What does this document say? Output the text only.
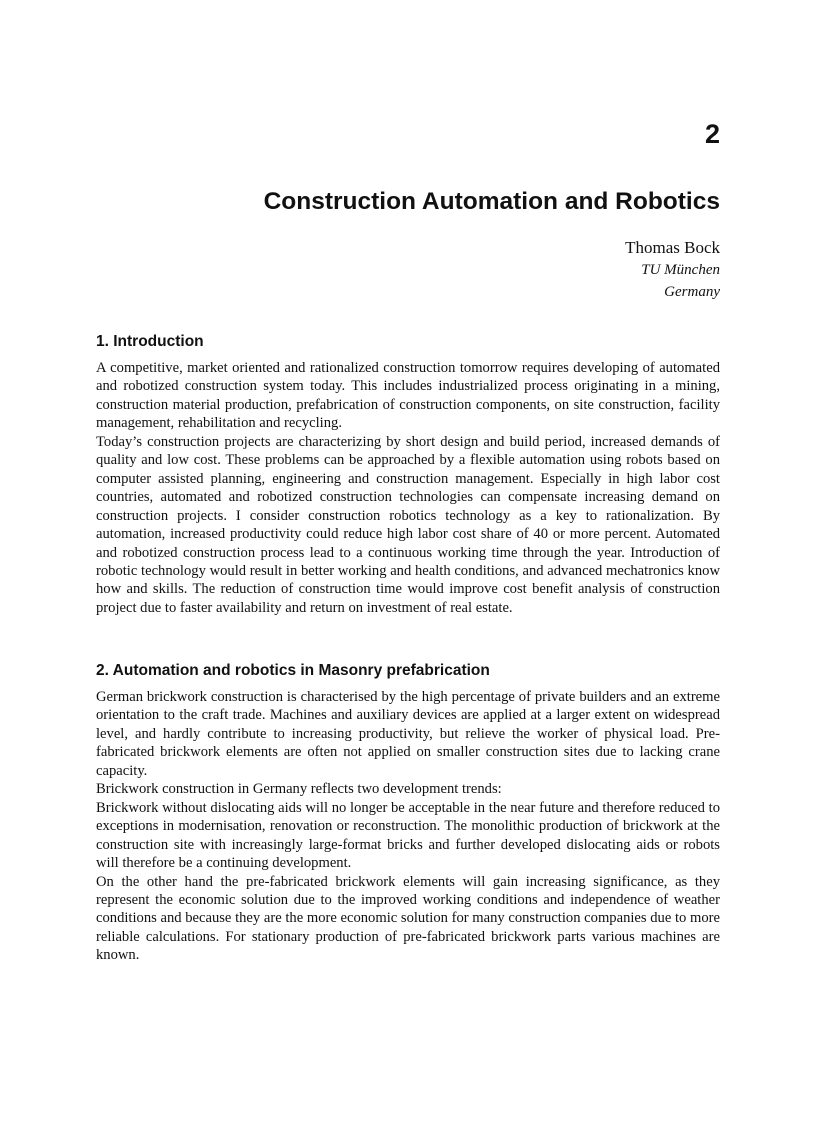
2
Construction Automation and Robotics
Thomas Bock
TU München
Germany
1. Introduction

A competitive, market oriented and rationalized construction tomorrow requires developing of automated and robotized construction system today. This includes industrialized process originating in a mining, construction material production, prefabrication of construction components, on site construction, facility management, rehabilitation and recycling.

Today’s construction projects are characterizing by short design and build period, increased demands of quality and low cost. These problems can be approached by a flexible automation using robots based on computer assisted planning, engineering and construction management. Especially in high labor cost countries, automated and robotized construction technologies can compensate increasing demand on construction projects. I consider construction robotics technology as a key to rationalization. By automation, increased productivity could reduce high labor cost share of 40 or more percent. Automated and robotized construction process lead to a continuous working time through the year. Introduction of robotic technology would result in better working and health conditions, and advanced mechatronics know how and skills. The reduction of construction time would improve cost benefit analysis of construction project due to faster availability and return on investment of real estate.

2. Automation and robotics in Masonry prefabrication

German brickwork construction is characterised by the high percentage of private builders and an extreme orientation to the craft trade. Machines and auxiliary devices are applied at a larger extent on widespread level, and hardly contribute to increasing productivity, but relieve the worker of physical load. Pre-fabricated brickwork elements are often not applied on smaller construction sites due to lacking crane capacity.

Brickwork construction in Germany reflects two development trends:

Brickwork without dislocating aids will no longer be acceptable in the near future and therefore reduced to exceptions in modernisation, renovation or reconstruction. The monolithic production of brickwork at the construction site with increasingly large-format bricks and further developed dislocating aids or robots will therefore be a continuing development.

On the other hand the pre-fabricated brickwork elements will gain increasing significance, as they represent the economic solution due to the improved working conditions and independence of weather conditions and because they are the more economic solution for many construction companies due to more reliable calculations. For stationary production of pre-fabricated brickwork parts various machines are known.
